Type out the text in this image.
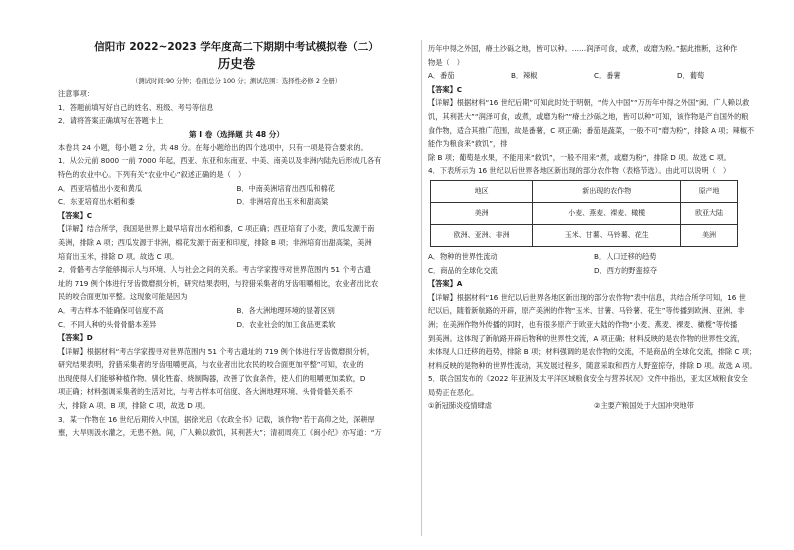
信阳市 2022~2023 学年度高二下期期中考试模拟卷（二）
历史卷
（测试时间:90 分钟；卷面总分 100 分；测试范围：选择性必修 2 全册）

注意事项：

1．答题前填写好自己的姓名、班级、考号等信息

2．请将答案正确填写在答题卡上

第 I 卷（选择题 共 48 分）

本卷共 24 小题，每小题 2 分，共 48 分。在每小题给出的四个选项中，只有一项是符合要求的。

1．从公元前 8000 一前 7000 年起，西亚、东亚和东南亚、中美、南美以及非洲内陆先后形成几各有

特色的农业中心。下列有关“农业中心”叙述正确的是（　）

A．西亚培植出小麦和黄瓜	B．中南美洲培育出西瓜和棉花
C．东亚培育出水稻和黍	D．非洲培育出玉米和甜高粱

【答案】C

【详解】结合所学，我国是世界上最早培育出水稻和黍，C 项正确；西亚培育了小麦，黄瓜发源于南

美洲，排除 A 项；西瓜发源于非洲，棉花发源于南亚和印度，排除 B 项；非洲培育出甜高粱，美洲

培育出玉米，排除 D 项。故选 C 项。

2．骨骼考古学能够揭示人与环境、人与社会之间的关系。考古学家搜寻对世界范围内 51 个考古遗

址的 719 例个体进行牙齿微磨损分析，研究结果表明，与狩猎采集者的牙齿咀嚼相比，农业者出比农

民的咬合面更加平整。这现象可能是因为

A．考古样本不能确保可信度不高	B．各大洲地理环境的显著区别
C．不同人种的头骨骨骼本差异	D．农业社会的加工食品更柔软

【答案】D

【详解】根据材料“考古学家搜寻对世界范围内 51 个考古遗址的 719 例个体进行牙齿微磨损分析，

研究结果表明，狩猎采集者的牙齿咀嚼更高，与农业者出比农民的咬合面更加平整”可知，农业的

出现使得人们能够种植作物、驯化牲畜、烧制陶器，改善了饮食条件，使人们的咀嚼更加柔软，D

项正确；材料强调采集者的生活对比，与考古样本可信度、各大洲地理环境、头骨骨骼关系不

大，排除 A 项、B 项，排除 C 项，故选 D 项。

3．某一作物在 16 世纪后期传入中国，据徐光启《农政全书》记载，该作物“若于高仰之处，深耕厚

壅，大旱则汲水灌之，无患不熟。间，广人赖以救饥，其利甚大”；清初周亮工《闽小纪》亦写道：“万

历年中得之外国，瘠土沙砾之地，皆可以种。……润泽可食，或煮，或磨为粉。”据此推断，这种作

物是（　）

A．番茄	B．辣椒	C．番薯	D．葡萄

【答案】C

【详解】根据材料“16 世纪后期”可知此时处于明朝，“传入中国”“万历年中得之外国”闽、广人赖以救

饥，其利甚大”“润泽可食，或煮，或磨为粉”“瘠土沙砾之地，皆可以种”可知，该作物是产自国外的粮

食作物，适合其推广范围，故是番薯，C 项正确；番茄是蔬菜，一般不可“磨为粉”，排除 A 项；辣椒不能作为粮食来“救饥”，排

除 B 项；葡萄是水果，不能用来“救饥”，一般不用来“煮，或磨为粉”，排除 D 项。故选 C 项。

4．下表所示为 16 世纪以后世界各地区新出现的部分农作物（表格节选）。由此可以说明（　）

地区	新出现的农作物	原产地
美洲	小麦、燕麦、裸麦、橄榄	欧亚大陆
欧洲、亚洲、非洲	玉米、甘薯、马铃薯、花生	美洲
A．物种的世界性流动	B．人口迁移的趋势
C．商品的全球化交流	D．西方的野蛮掠夺

【答案】A

【详解】根据材料“16 世纪以后世界各地区新出现的部分农作物”表中信息，共结合所学可知，16 世

纪以后，随着新航路的开辟，原产美洲的作物“玉米、甘薯、马铃薯、花生”等传播到欧洲、亚洲、非

洲；在美洲作物外传播的同时，也有很多原产于欧亚大陆的作物“小麦、燕麦、裸麦、橄榄”等传播

到美洲。这体现了新航路开辟后物种的世界性交流，A 项正确；材料反映的是农作物的世界性交流，

未体现人口迁移的趋势，排除 B 项；材料强调的是农作物的交流，不是商品的全球化交流，排除 C 项；

材料反映的是物种的世界性流动，其发展过程多，随意采取和西方人野蛮掠夺，排除 D 项。故选 A 项。

5．联合国发布的《2022 年亚洲及太平洋区域粮食安全与营养状况》文件中指出，亚太区域粮食安全

局势正在恶化。

①新冠肺炎疫情肆虐	②主要产粮国处于大国冲突地带
